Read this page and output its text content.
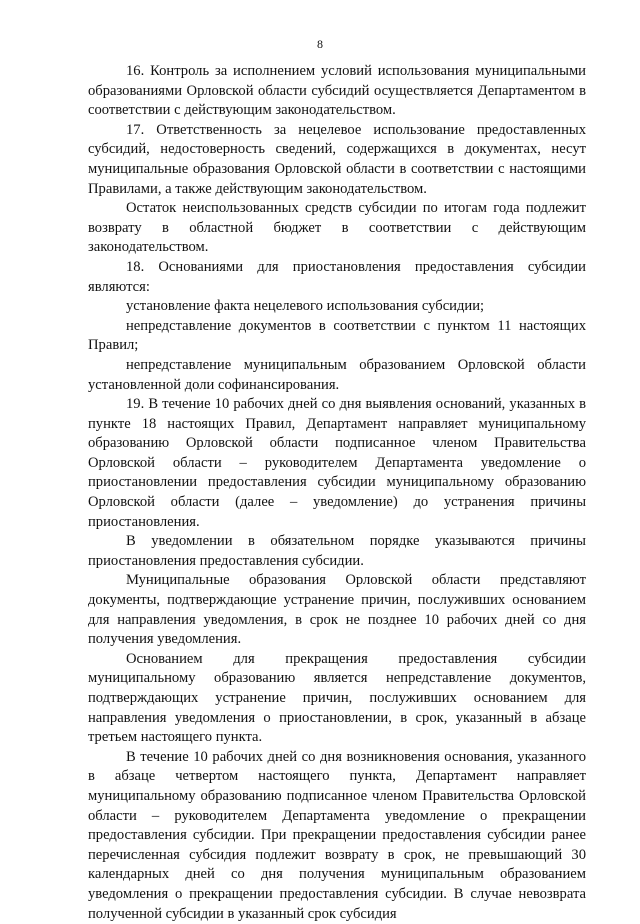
8

16. Контроль за исполнением условий использования муниципальными образованиями Орловской области субсидий осуществляется Департаментом в соответствии с действующим законодательством.

17. Ответственность за нецелевое использование предоставленных субсидий, недостоверность сведений, содержащихся в документах, несут муниципальные образования Орловской области в соответствии с настоящими Правилами, а также действующим законодательством.

Остаток неиспользованных средств субсидии по итогам года подлежит возврату в областной бюджет в соответствии с действующим законодательством.

18. Основаниями для приостановления предоставления субсидии являются:

установление факта нецелевого использования субсидии;

непредставление документов в соответствии с пунктом 11 настоящих Правил;

непредставление муниципальным образованием Орловской области установленной доли софинансирования.

19. В течение 10 рабочих дней со дня выявления оснований, указанных в пункте 18 настоящих Правил, Департамент направляет муниципальному образованию Орловской области подписанное членом Правительства Орловской области – руководителем Департамента уведомление о приостановлении предоставления субсидии муниципальному образованию Орловской области (далее – уведомление) до устранения причины приостановления.

В уведомлении в обязательном порядке указываются причины приостановления предоставления субсидии.

Муниципальные образования Орловской области представляют документы, подтверждающие устранение причин, послуживших основанием для направления уведомления, в срок не позднее 10 рабочих дней со дня получения уведомления.

Основанием для прекращения предоставления субсидии муниципальному образованию является непредставление документов, подтверждающих устранение причин, послуживших основанием для направления уведомления о приостановлении, в срок, указанный в абзаце третьем настоящего пункта.

В течение 10 рабочих дней со дня возникновения основания, указанного в абзаце четвертом настоящего пункта, Департамент направляет муниципальному образованию подписанное членом Правительства Орловской области – руководителем Департамента уведомление о прекращении предоставления субсидии. При прекращении предоставления субсидии ранее перечисленная субсидия подлежит возврату в срок, не превышающий 30 календарных дней со дня получения муниципальным образованием уведомления о прекращении предоставления субсидии. В случае невозврата полученной субсидии в указанный срок субсидия
